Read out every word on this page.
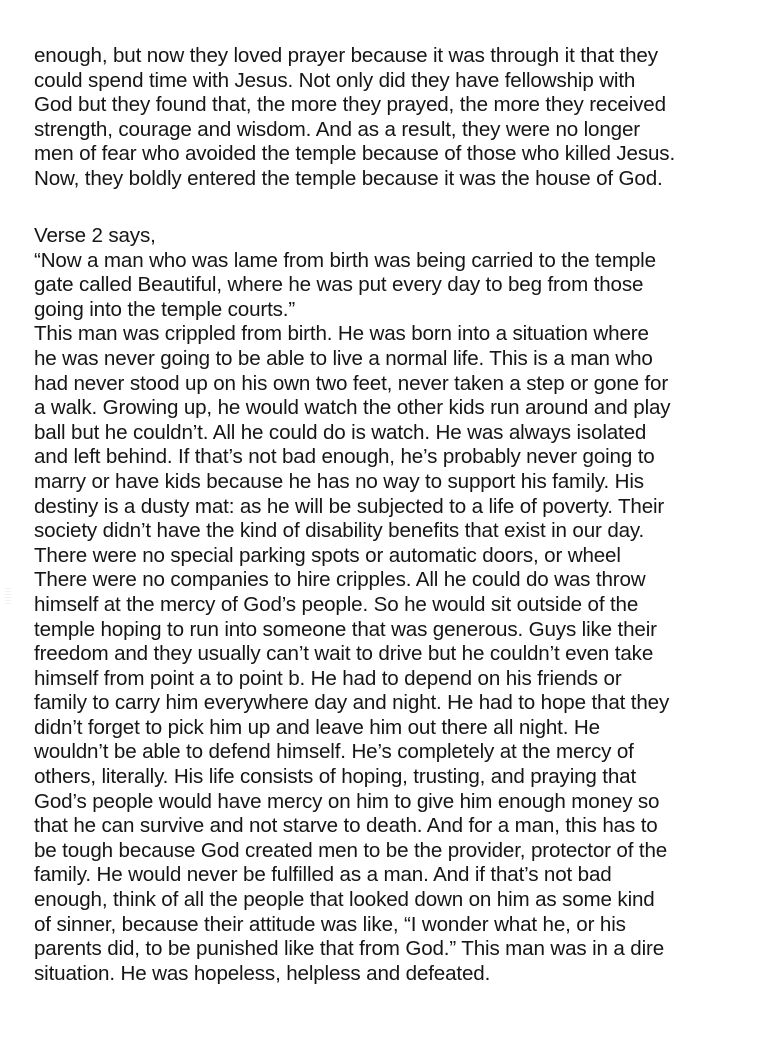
enough, but now they loved prayer because it was through it that they
could spend time with Jesus. Not only did they have fellowship with
God but they found that, the more they prayed, the more they received
strength, courage and wisdom. And as a result, they were no longer
men of fear who avoided the temple because of those who killed Jesus.
Now, they boldly entered the temple because it was the house of God.
Verse 2 says,
“Now a man who was lame from birth was being carried to the temple
gate called Beautiful, where he was put every day to beg from those
going into the temple courts.”
This man was crippled from birth. He was born into a situation where
he was never going to be able to live a normal life. This is a man who
had never stood up on his own two feet, never taken a step or gone for
a walk. Growing up, he would watch the other kids run around and play
ball but he couldn’t. All he could do is watch. He was always isolated
and left behind. If that’s not bad enough, he’s probably never going to
marry or have kids because he has no way to support his family. His
destiny is a dusty mat: as he will be subjected to a life of poverty. Their
society didn’t have the kind of disability benefits that exist in our day.
There were no special parking spots or automatic doors, or wheel
There were no companies to hire cripples. All he could do was throw
himself at the mercy of God’s people. So he would sit outside of the
temple hoping to run into someone that was generous. Guys like their
freedom and they usually can’t wait to drive but he couldn’t even take
himself from point a to point b. He had to depend on his friends or
family to carry him everywhere day and night. He had to hope that they
didn’t forget to pick him up and leave him out there all night. He
wouldn’t be able to defend himself. He’s completely at the mercy of
others, literally. His life consists of hoping, trusting, and praying that
God’s people would have mercy on him to give him enough money so
that he can survive and not starve to death. And for a man, this has to
be tough because God created men to be the provider, protector of the
family. He would never be fulfilled as a man. And if that’s not bad
enough, think of all the people that looked down on him as some kind
of sinner, because their attitude was like, “I wonder what he, or his
parents did, to be punished like that from God.” This man was in a dire
situation. He was hopeless, helpless and defeated.
